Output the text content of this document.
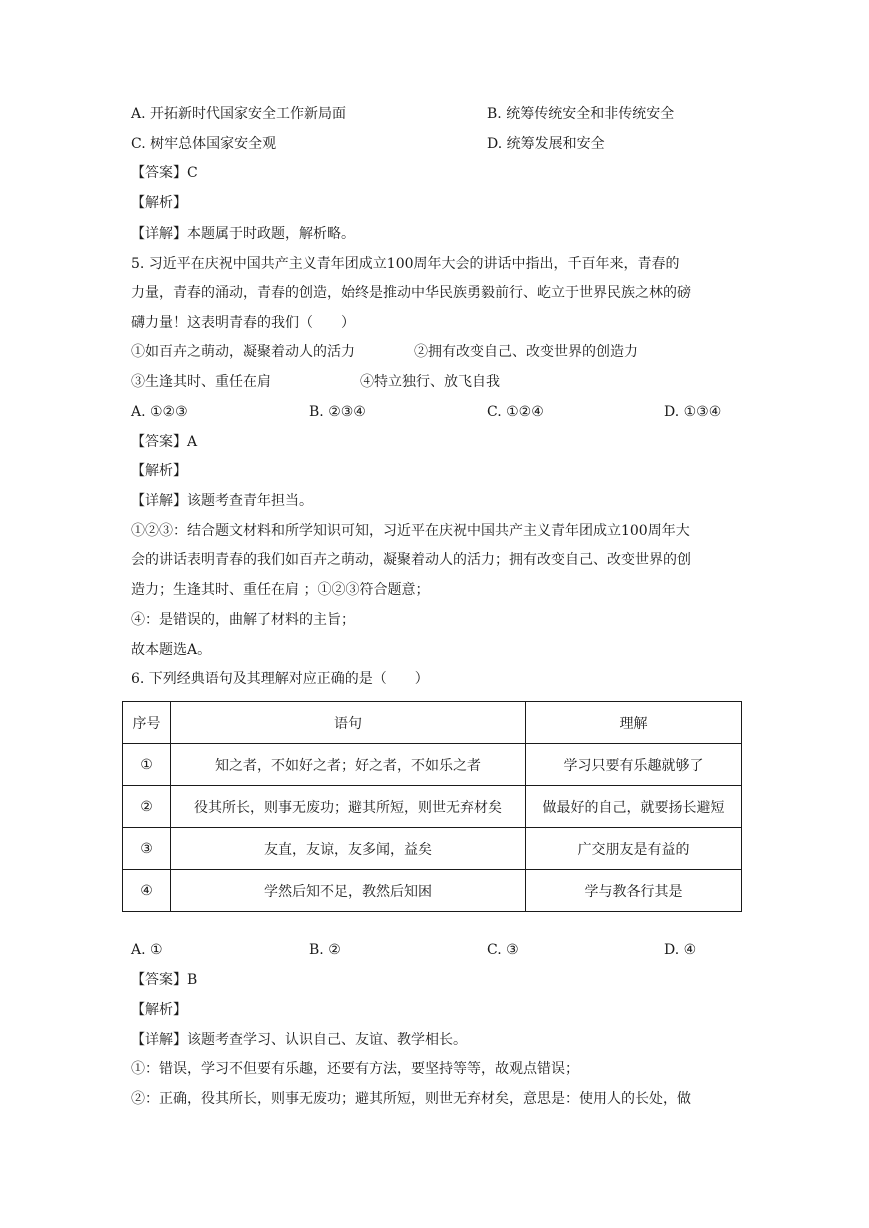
A. 开拓新时代国家安全工作新局面	B. 统筹传统安全和非传统安全
C. 树牢总体国家安全观	D. 统筹发展和安全
【答案】C
【解析】
【详解】本题属于时政题，解析略。
5. 习近平在庆祝中国共产主义青年团成立100周年大会的讲话中指出，千百年来，青春的
力量，青春的涌动，青春的创造，始终是推动中华民族勇毅前行、屹立于世界民族之林的磅
礴力量！这表明青春的我们（　　）
①如百卉之萌动，凝聚着动人的活力	②拥有改变自己、改变世界的创造力
③生逢其时、重任在肩	④特立独行、放飞自我
A. ①②③	B. ②③④	C. ①②④	D. ①③④
【答案】A
【解析】
【详解】该题考查青年担当。
①②③：结合题文材料和所学知识可知，习近平在庆祝中国共产主义青年团成立100周年大
会的讲话表明青春的我们如百卉之萌动，凝聚着动人的活力；拥有改变自己、改变世界的创
造力；生逢其时、重任在肩 ；①②③符合题意；
④：是错误的，曲解了材料的主旨；
故本题选A。
6. 下列经典语句及其理解对应正确的是（　　）
序号	语句	理解
①	知之者，不如好之者；好之者，不如乐之者	学习只要有乐趣就够了
②	役其所长，则事无废功；避其所短，则世无弃材矣	做最好的自己，就要扬长避短
③	友直，友谅，友多闻，益矣	广交朋友是有益的
④	学然后知不足，教然后知困	学与教各行其是
A. ①	B. ②	C. ③	D. ④
【答案】B
【解析】
【详解】该题考查学习、认识自己、友谊、教学相长。
①：错误，学习不但要有乐趣，还要有方法，要坚持等等，故观点错误；
②：正确，役其所长，则事无废功；避其所短，则世无弃材矣，意思是：使用人的长处，做
